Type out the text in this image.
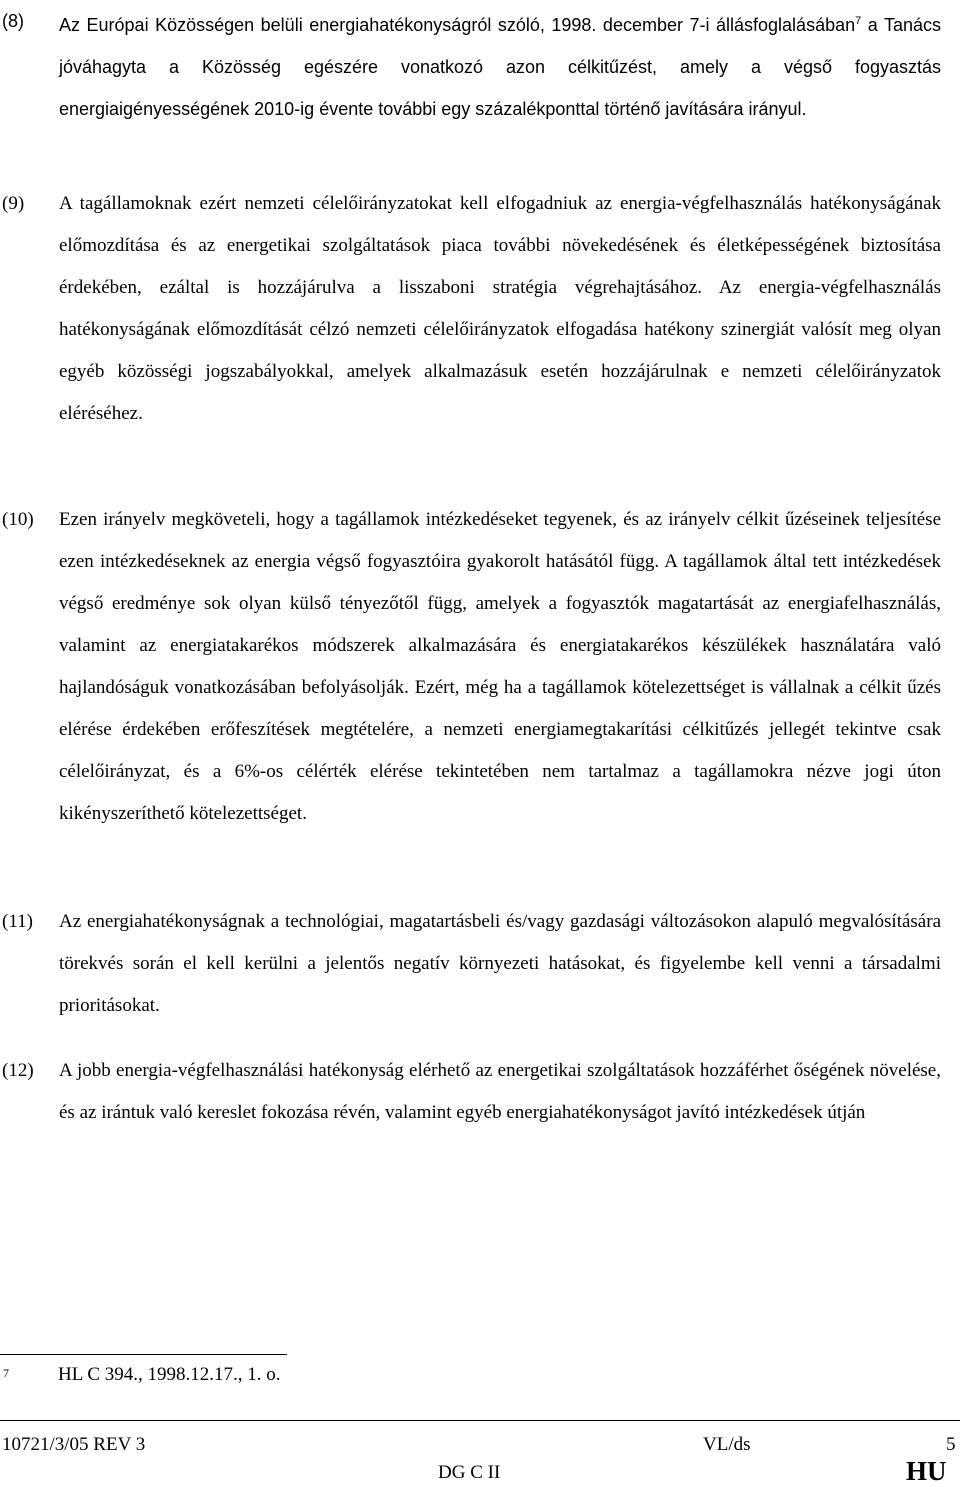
(8) Az Európai Közösségen belüli energiahatékonyságról szóló, 1998. december 7-i állásfoglalásában$^7$ a Tanács jóváhagyta a Közösség egészére vonatkozó azon célkitűzést, amely a végső fogyasztás energiaigényességének 2010-ig évente további egy százalékponttal történő javítására irányul.
(9) A tagállamoknak ezért nemzeti célelőirányzatokat kell elfogadniuk az energia-végfelhasználás hatékonyságának előmozdítása és az energetikai szolgáltatások piaca további növekedésének és életképességének biztosítása érdekében, ezáltal is hozzájárulva a lisszaboni stratégia végrehajtásához. Az energia-végfelhasználás hatékonyságának előmozdítását célzó nemzeti célelőirányzatok elfogadása hatékony szinergiát valósít meg olyan egyéb közösségi jogszabályokkal, amelyek alkalmazásuk esetén hozzájárulnak e nemzeti célelőirányzatok eléréséhez.
(10) Ezen irányelv megköveteli, hogy a tagállamok intézkedéseket tegyenek, és az irányelv célkit űzéseinek teljesítése ezen intézkedéseknek az energia végső fogyasztóira gyakorolt hatásától függ. A tagállamok által tett intézkedések végső eredménye sok olyan külső tényezőtől függ, amelyek a fogyasztók magatartását az energiafelhasználás, valamint az energiatakarékos módszerek alkalmazására és energiatakarékos készülékek használatára való hajlandóságuk vonatkozásában befolyásolják. Ezért, még ha a tagállamok kötelezettséget is vállalnak a célkit űzés elérése érdekében erőfeszítések megtételére, a nemzeti energiamegtakarítási célkitűzés jellegét tekintve csak célelőirányzat, és a 6%-os célérték elérése tekintetében nem tartalmaz a tagállamokra nézve jogi úton kikényszeríthető kötelezettséget.
(11) Az energiahatékonyságnak a technológiai, magatartásbeli és/vagy gazdasági változásokon alapuló megvalósítására törekvés során el kell kerülni a jelentős negatív környezeti hatásokat, és figyelembe kell venni a társadalmi prioritásokat.
(12) A jobb energia-végfelhasználási hatékonyság elérhető az energetikai szolgáltatások hozzáférhet őségének növelése, és az irántuk való kereslet fokozása révén, valamint egyéb energiahatékonyságot javító intézkedések útján
7	HL C 394., 1998.12.17., 1. o.
10721/3/05 REV 3	VL/ds	5
DG C II	HU
